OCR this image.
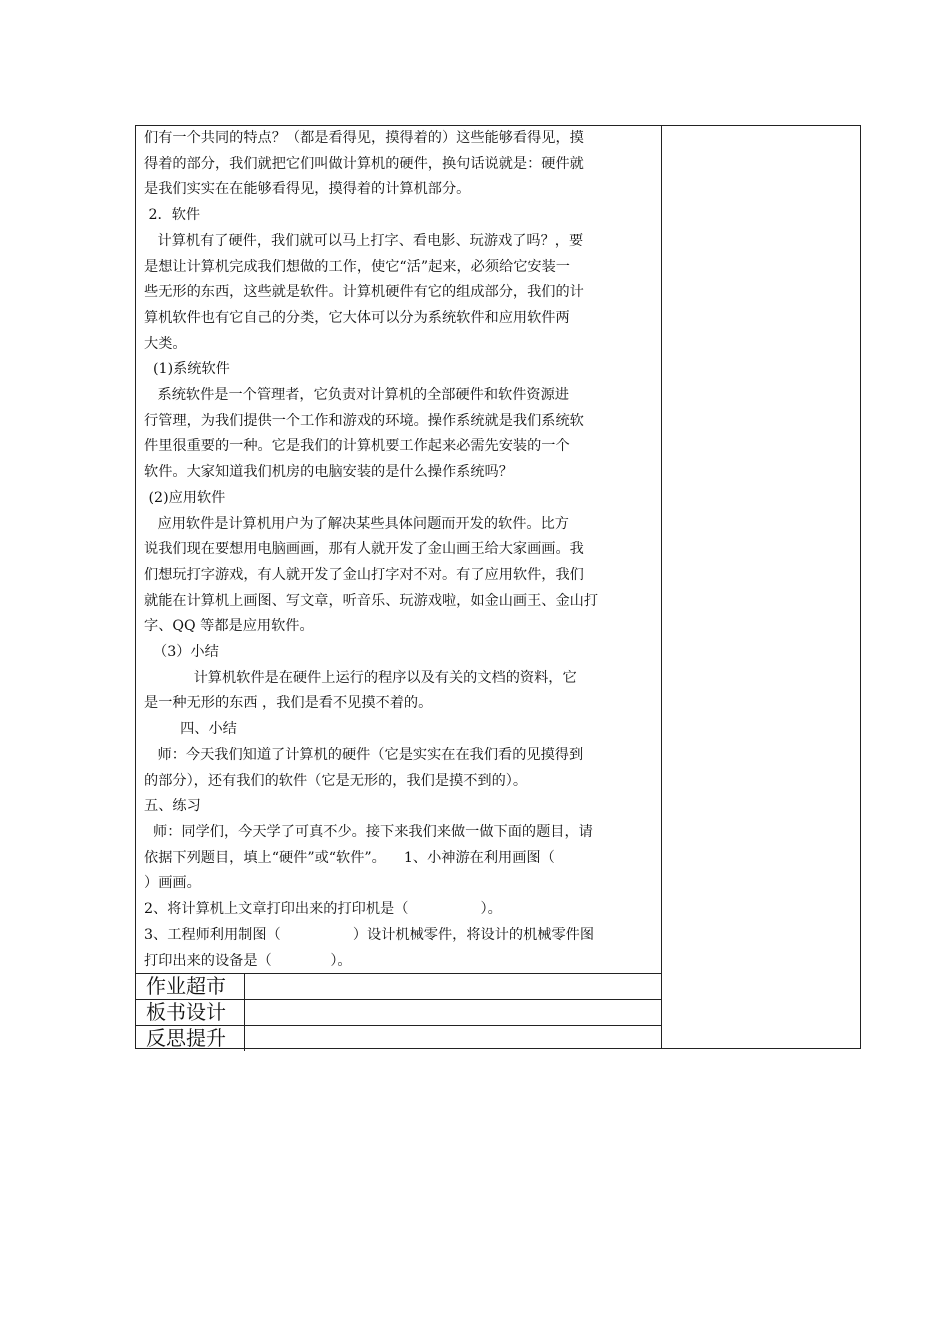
们有一个共同的特点？（都是看得见，摸得着的）这些能够看得见，摸

得着的部分，我们就把它们叫做计算机的硬件，换句话说就是：硬件就

是我们实实在在能够看得见，摸得着的计算机部分。

2．软件

计算机有了硬件，我们就可以马上打字、看电影、玩游戏了吗？，要

是想让计算机完成我们想做的工作，使它“活”起来，必须给它安装一

些无形的东西，这些就是软件。计算机硬件有它的组成部分，我们的计

算机软件也有它自己的分类，它大体可以分为系统软件和应用软件两

大类。

(1)系统软件

系统软件是一个管理者，它负责对计算机的全部硬件和软件资源进

行管理，为我们提供一个工作和游戏的环境。操作系统就是我们系统软

件里很重要的一种。它是我们的计算机要工作起来必需先安装的一个

软件。大家知道我们机房的电脑安装的是什么操作系统吗？

(2)应用软件

应用软件是计算机用户为了解决某些具体问题而开发的软件。比方

说我们现在要想用电脑画画，那有人就开发了金山画王给大家画画。我

们想玩打字游戏，有人就开发了金山打字对不对。有了应用软件，我们

就能在计算机上画图、写文章，听音乐、玩游戏啦，如金山画王、金山打

字、QQ 等都是应用软件。

（3）小结

计算机软件是在硬件上运行的程序以及有关的文档的资料，它

是一种无形的东西 ，我们是看不见摸不着的。

四、小结

师：今天我们知道了计算机的硬件（它是实实在在我们看的见摸得到

的部分），还有我们的软件（它是无形的，我们是摸不到的）。

五、练习

师：同学们，今天学了可真不少。接下来我们来做一做下面的题目，请

依据下列题目，填上“硬件”或“软件”。    1、小神游在利用画图（

）画画。

2、将计算机上文章打印出来的打印机是（                ）。

3、工程师利用制图（                ）设计机械零件，将设计的机械零件图

打印出来的设备是（             ）。

作业超市
板书设计
反思提升
